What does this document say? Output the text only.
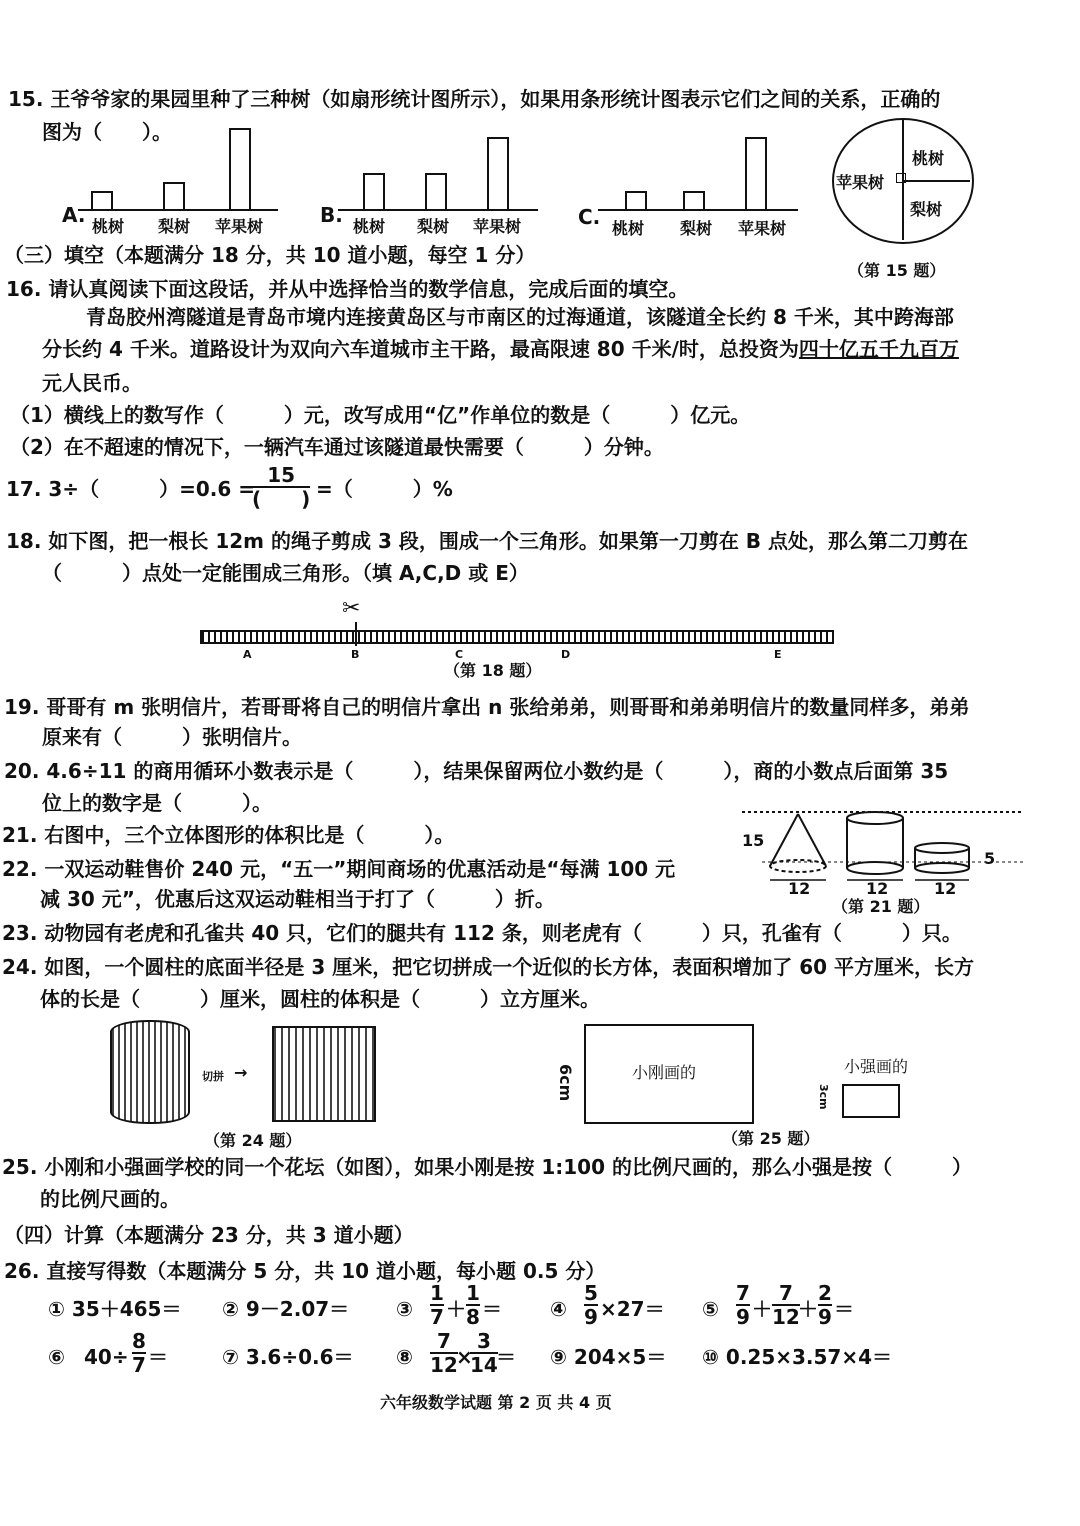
15. 王爷爷家的果园里种了三种树（如扇形统计图所示），如果用条形统计图表示它们之间的关系，正确的
图为（　　）。
A. 桃树 梨树 苹果树	B. 桃树 梨树 苹果树	C. 桃树 梨树 苹果树
苹果树
桃树
梨树
（第 15 题）
（三）填空（本题满分 18 分，共 10 道小题，每空 1 分）
16. 请认真阅读下面这段话，并从中选择恰当的数学信息，完成后面的填空。
青岛胶州湾隧道是青岛市境内连接黄岛区与市南区的过海通道，该隧道全长约 8 千米，其中跨海部
分长约 4 千米。道路设计为双向六车道城市主干路，最高限速 80 千米/时，总投资为四十亿五千九百万
元人民币。
（1）横线上的数写作（　　　）元，改写成用“亿”作单位的数是（　　　）亿元。
（2）在不超速的情况下，一辆汽车通过该隧道最快需要（　　　）分钟。
17. 3÷（　　　）=0.6 =
15
(　　) =（　　　）%
18. 如下图，把一根长 12m 的绳子剪成 3 段，围成一个三角形。如果第一刀剪在 B 点处，那么第二刀剪在
（　　　）点处一定能围成三角形。（填 A,C,D 或 E）
✂
A	B	C	D	E
（第 18 题）
19. 哥哥有 m 张明信片，若哥哥将自己的明信片拿出 n 张给弟弟，则哥哥和弟弟明信片的数量同样多，弟弟
原来有（　　　）张明信片。
20. 4.6÷11 的商用循环小数表示是（　　　），结果保留两位小数约是（　　　），商的小数点后面第 35
位上的数字是（　　　）。
15
5
12	12	12
（第 21 题）
21. 右图中，三个立体图形的体积比是（　　　）。
22. 一双运动鞋售价 240 元，“五一”期间商场的优惠活动是“每满 100 元
减 30 元”，优惠后这双运动鞋相当于打了（　　　）折。
23. 动物园有老虎和孔雀共 40 只，它们的腿共有 112 条，则老虎有（　　　）只，孔雀有（　　　）只。
24. 如图，一个圆柱的底面半径是 3 厘米，把它切拼成一个近似的长方体，表面积增加了 60 平方厘米，长方
体的长是（　　　）厘米，圆柱的体积是（　　　）立方厘米。
切拼 →
（第 24 题）
小刚画的
6cm	小强画的
3cm
（第 25 题）
25. 小刚和小强画学校的同一个花坛（如图），如果小刚是按 1:100 的比例尺画的，那么小强是按（　　　）
的比例尺画的。
（四）计算（本题满分 23 分，共 3 道小题）
26. 直接写得数（本题满分 5 分，共 10 道小题，每小题 0.5 分）
① 35＋465＝ ② 9－2.07＝ ③
1
7 ＋
1
8 ＝ ④
5
9 ×27＝ ⑤
7
9 ＋
7
12
＋
2
9 ＝
⑥ 40÷
8
7 ＝	⑦ 3.6÷0.6＝ ⑧
7
12
×
3
14
＝ ⑨ 204×5＝ ⑩ 0.25×3.57×4＝
六年级数学试题 第 2 页 共 4 页
